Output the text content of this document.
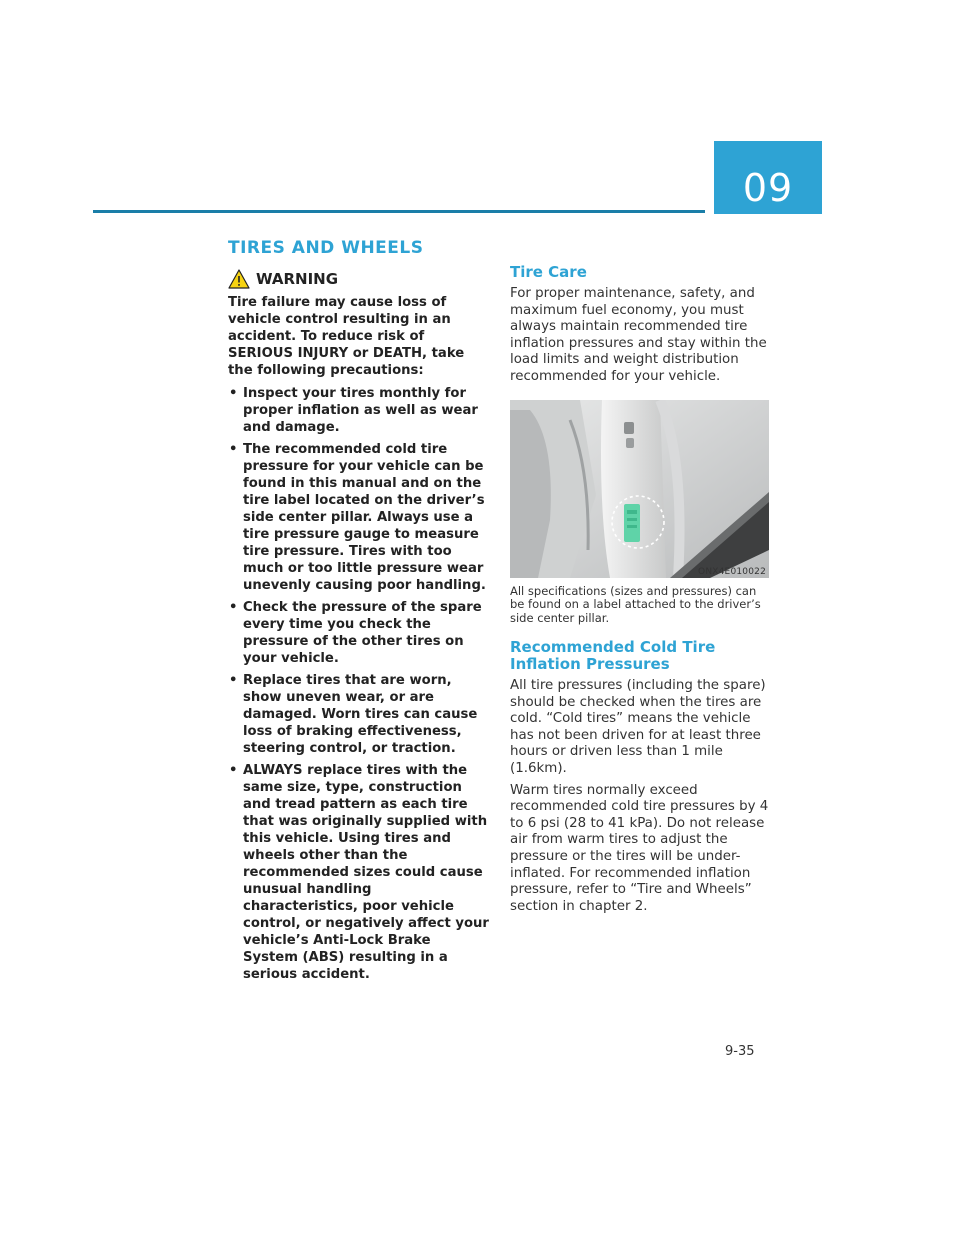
09
TIRES AND WHEELS
WARNING

Tire failure may cause loss of vehicle control resulting in an accident. To reduce risk of SERIOUS INJURY or DEATH, take the following precautions:

• Inspect your tires monthly for proper inflation as well as wear and damage.
• The recommended cold tire pressure for your vehicle can be found in this manual and on the tire label located on the driver’s side center pillar. Always use a tire pressure gauge to measure tire pressure. Tires with too much or too little pressure wear unevenly causing poor handling.
• Check the pressure of the spare every time you check the pressure of the other tires on your vehicle.
• Replace tires that are worn, show uneven wear, or are damaged. Worn tires can cause loss of braking effectiveness, steering control, or traction.
• ALWAYS replace tires with the same size, type, construction and tread pattern as each tire that was originally supplied with this vehicle. Using tires and wheels other than the recommended sizes could cause unusual handling characteristics, poor vehicle control, or negatively affect your vehicle’s Anti-Lock Brake System (ABS) resulting in a serious accident.
Tire Care

For proper maintenance, safety, and maximum fuel economy, you must always maintain recommended tire inflation pressures and stay within the load limits and weight distribution recommended for your vehicle.

ONX4E010022

All specifications (sizes and pressures) can be found on a label attached to the driver’s side center pillar.

Recommended Cold Tire Inflation Pressures

All tire pressures (including the spare) should be checked when the tires are cold. “Cold tires” means the vehicle has not been driven for at least three hours or driven less than 1 mile (1.6km).

Warm tires normally exceed recommended cold tire pressures by 4 to 6 psi (28 to 41 kPa). Do not release air from warm tires to adjust the pressure or the tires will be under-inflated. For recommended inflation pressure, refer to “Tire and Wheels” section in chapter 2.

9-35
